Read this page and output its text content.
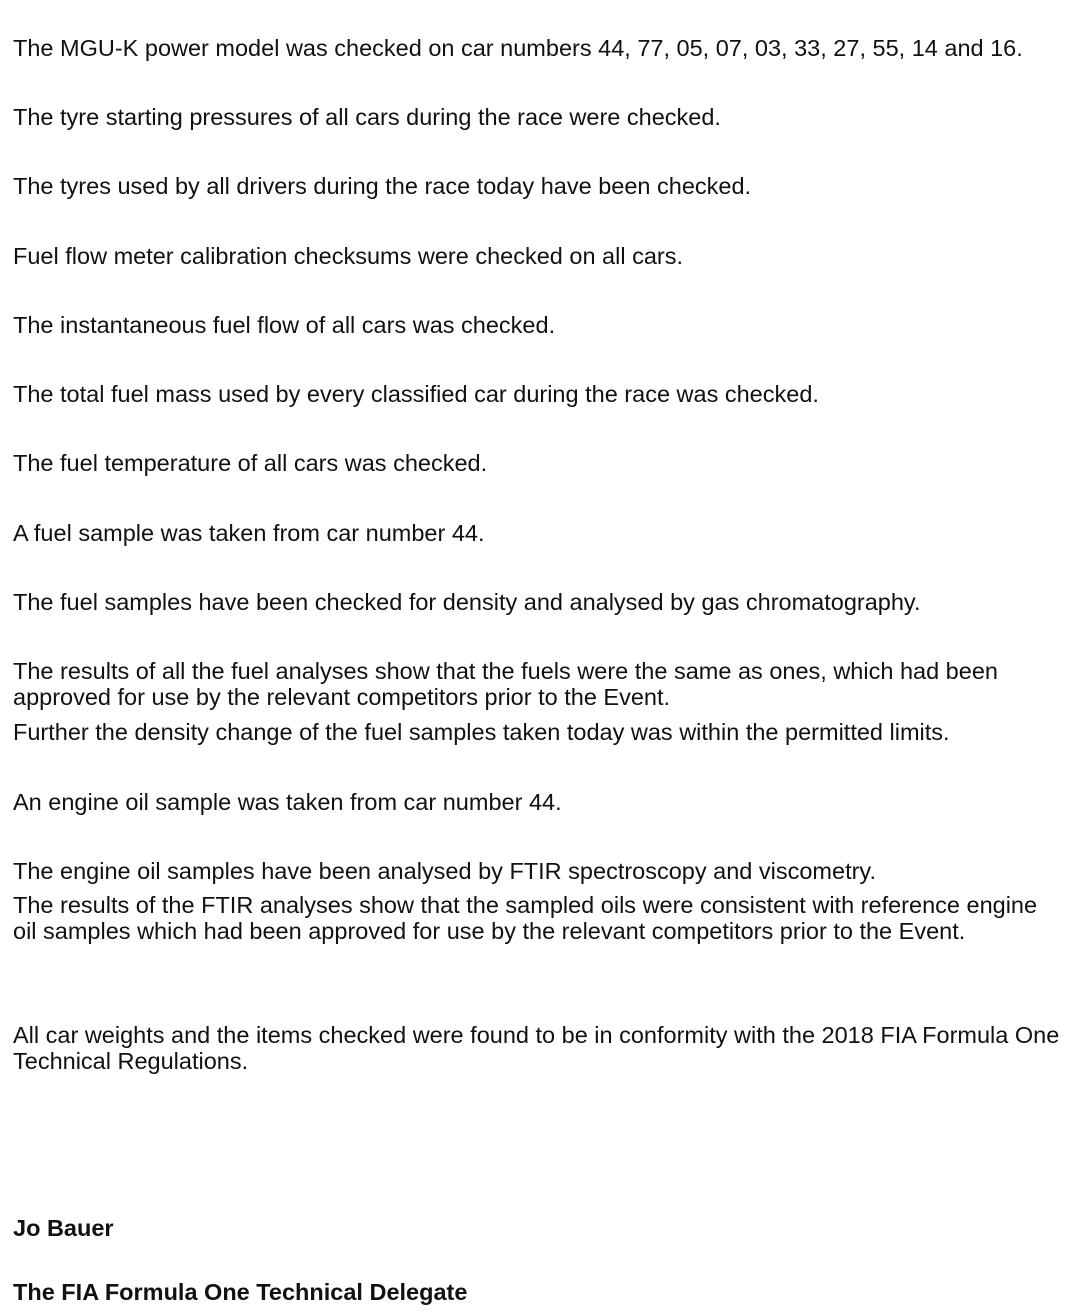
The MGU-K power model was checked on car numbers 44, 77, 05, 07, 03, 33, 27, 55, 14 and 16.

The tyre starting pressures of all cars during the race were checked.

The tyres used by all drivers during the race today have been checked.

Fuel flow meter calibration checksums were checked on all cars.

The instantaneous fuel flow of all cars was checked.

The total fuel mass used by every classified car during the race was checked.

The fuel temperature of all cars was checked.

A fuel sample was taken from car number 44.

The fuel samples have been checked for density and analysed by gas chromatography.

The results of all the fuel analyses show that the fuels were the same as ones, which had been
approved for use by the relevant competitors prior to the Event.

Further the density change of the fuel samples taken today was within the permitted limits.

An engine oil sample was taken from car number 44.

The engine oil samples have been analysed by FTIR spectroscopy and viscometry.

The results of the FTIR analyses show that the sampled oils were consistent with reference engine
oil samples which had been approved for use by the relevant competitors prior to the Event.

All car weights and the items checked were found to be in conformity with the 2018 FIA Formula One
Technical Regulations.

Jo Bauer

The FIA Formula One Technical Delegate
